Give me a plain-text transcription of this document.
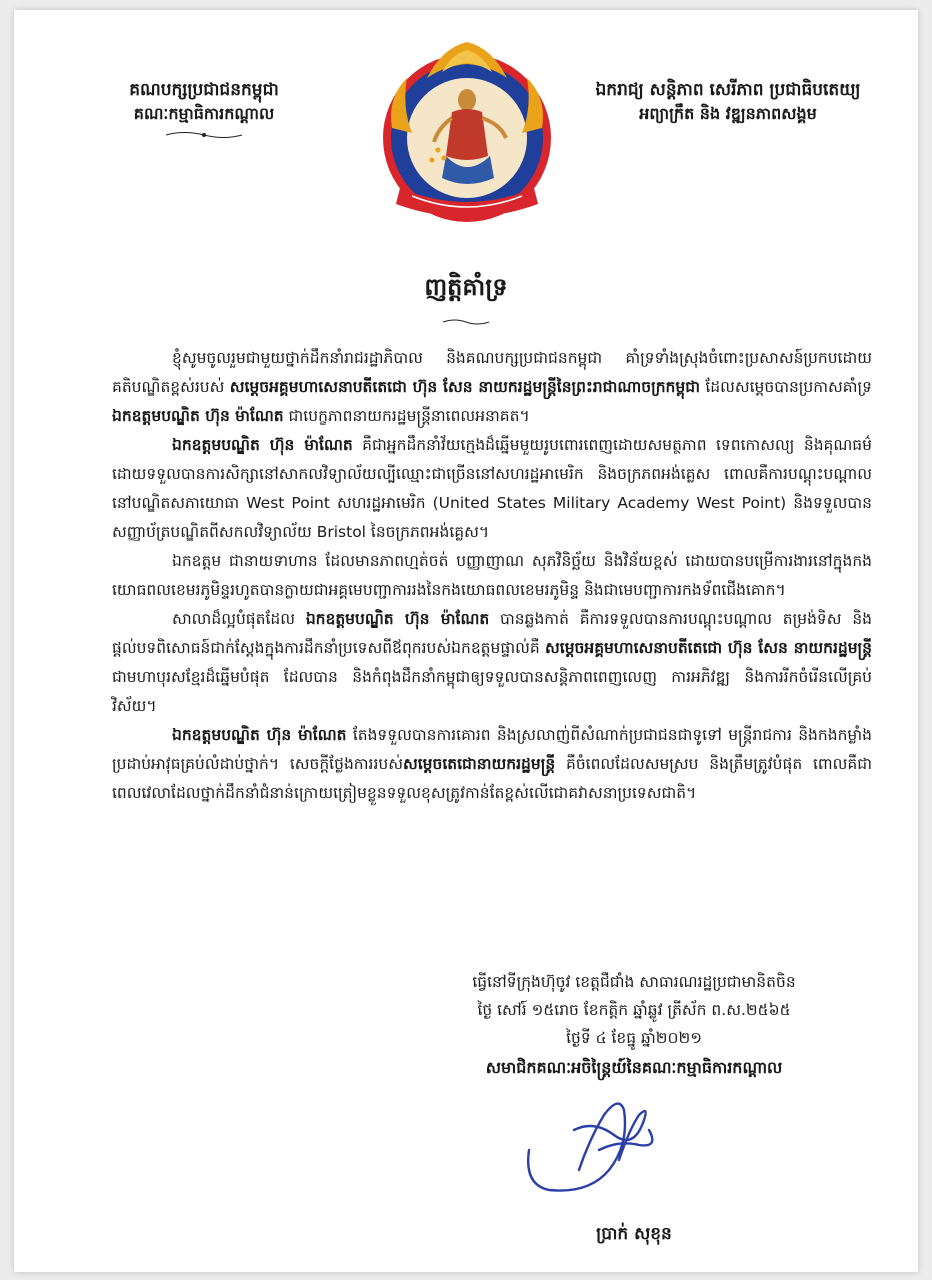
គណបក្សប្រជាជនកម្ពុជា
គណៈកម្មាធិការកណ្ដាល
ឯករាជ្យ សន្តិភាព សេរីភាព ប្រជាធិបតេយ្យ
អព្យាក្រឹត និង វឌ្ឍនភាពសង្គម
ញត្តិគាំទ្រ

ខ្ញុំសូមចូលរួមជាមួយថ្នាក់ដឹកនាំរាជរដ្ឋាភិបាល និងគណបក្សប្រជាជនកម្ពុជា គាំទ្រទាំងស្រុងចំពោះប្រសាសន៍ប្រកបដោយគតិបណ្ឌិតខ្ពស់របស់ សម្ដេចអគ្គមហាសេនាបតីតេជោ ហ៊ុន សែន នាយករដ្ឋមន្រ្តីនៃព្រះរាជាណាចក្រកម្ពុជា ដែលសម្ដេចបានប្រកាសគាំទ្រ ឯកឧត្ដមបណ្ឌិត ហ៊ុន ម៉ាណែត ជាបេក្ខភាពនាយករដ្ឋមន្រ្តីនាពេលអនាគត។

ឯកឧត្ដមបណ្ឌិត ហ៊ុន ម៉ាណែត គឺជាអ្នកដឹកនាំវ័យក្មេងដ៏ឆ្នើមមួយរូបពោរពេញដោយសមត្ថភាព ទេពកោសល្យ និងគុណធម៌ ដោយទទួលបានការសិក្សានៅសាកលវិទ្យាល័យល្បីឈ្មោះជាច្រើននៅសហរដ្ឋអាមេរិក និងចក្រភពអង់គ្លេស ពោលគឺការបណ្ដុះបណ្ដាលនៅបណ្ឌិតសភាយោធា West Point សហរដ្ឋអាមេរិក (United States Military Academy West Point) និងទទួលបានសញ្ញាប័ត្របណ្ឌិតពីសកលវិទ្យាល័យ Bristol នៃចក្រភពអង់គ្លេស។

ឯកឧត្តម ជានាយទាហាន ដែលមានភាពហ្មត់ចត់ បញ្ញាញាណ សុភវិនិច្ឆ័យ និងវិន័យខ្ពស់ ដោយបានបម្រើការងារនៅក្នុងកងយោធពលខេមរភូមិន្ទរហូតបានក្លាយជាអគ្គមេបញ្ជាការរងនៃកងយោធពលខេមរភូមិន្ទ និងជាមេបញ្ជាការកងទ័ពជើងគោក។

សាលាដ៏ល្អបំផុតដែល ឯកឧត្ដមបណ្ឌិត ហ៊ុន ម៉ាណែត បានឆ្លងកាត់ គឺការទទួលបានការបណ្ដុះបណ្ដាល តម្រង់ទិស និងផ្ដល់បទពិសោធន៍ជាក់ស្ដែងក្នុងការដឹកនាំប្រទេសពីឪពុករបស់ឯកឧត្តមផ្ទាល់គឺ សម្ដេចអគ្គមហាសេនាបតីតេជោ ហ៊ុន សែន នាយករដ្ឋមន្រ្តី ជាមហាបុរសខ្មែរដ៏ឆ្នើមបំផុត ដែលបាន និងកំពុងដឹកនាំកម្ពុជាឲ្យទទួលបានសន្តិភាពពេញលេញ ការអភិវឌ្ឍ និងការរីកចំរើនលើគ្រប់វិស័យ។

ឯកឧត្ដមបណ្ឌិត ហ៊ុន ម៉ាណែត តែងទទួលបានការគោរព និងស្រលាញ់ពីសំណាក់ប្រជាជនជាទូទៅ មន្ត្រីរាជការ និងកងកម្លាំងប្រដាប់អាវុធគ្រប់លំដាប់ថ្នាក់។ សេចក្ដីថ្លែងការរបស់សម្ដេចតេជោនាយករដ្ឋមន្រ្តី គឺចំពេលដែលសមស្រប និងត្រឹមត្រូវបំផុត ពោលគឺជាពេលវេលាដែលថ្នាក់ដឹកនាំជំនាន់ក្រោយត្រៀមខ្លួនទទួលខុសត្រូវកាន់តែខ្ពស់លើជោគវាសនាប្រទេសជាតិ។

ធ្វើនៅទីក្រុងហ៊ុចូវ ខេត្តជឺជាំង សាធារណរដ្ឋប្រជាមានិតចិន
ថ្ងៃ សៅរ៍ ១៥រោច ខែកត្តិក ឆ្នាំឆ្លូវ ត្រីស័ក ព.ស.២៥៦៥
ថ្ងៃទី ៤ ខែធ្នូ ឆ្នាំ២០២១
សមាជិកគណៈអចិន្ត្រៃយ៍នៃគណៈកម្មាធិការកណ្ដាល
ប្រាក់ សុខុន
